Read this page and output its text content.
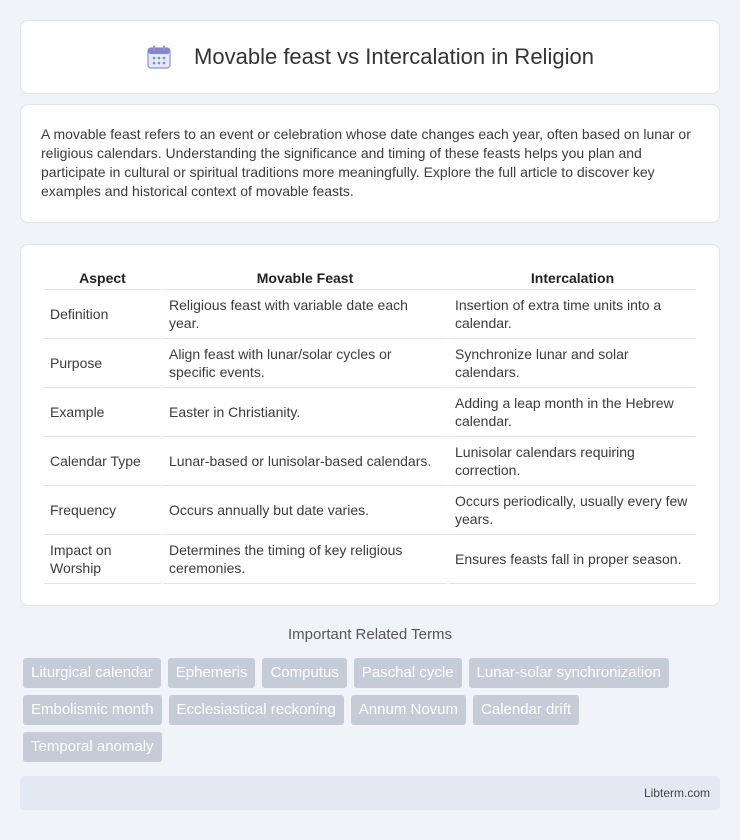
Movable feast vs Intercalation in Religion

A movable feast refers to an event or celebration whose date changes each year, often based on lunar or religious calendars. Understanding the significance and timing of these feasts helps you plan and participate in cultural or spiritual traditions more meaningfully. Explore the full article to discover key examples and historical context of movable feasts.

Aspect	Movable Feast	Intercalation
Definition	Religious feast with variable date each year.	Insertion of extra time units into a calendar.
Purpose	Align feast with lunar/solar cycles or specific events.	Synchronize lunar and solar calendars.
Example	Easter in Christianity.	Adding a leap month in the Hebrew calendar.
Calendar Type	Lunar-based or lunisolar-based calendars.	Lunisolar calendars requiring correction.
Frequency	Occurs annually but date varies.	Occurs periodically, usually every few years.
Impact on Worship	Determines the timing of key religious ceremonies.	Ensures feasts fall in proper season.
Important Related Terms
Liturgical calendar	Ephemeris	Computus	Paschal cycle	Lunar-solar synchronization
Embolismic month	Ecclesiastical reckoning	Annum Novum	Calendar drift
Temporal anomaly
Libterm.com
